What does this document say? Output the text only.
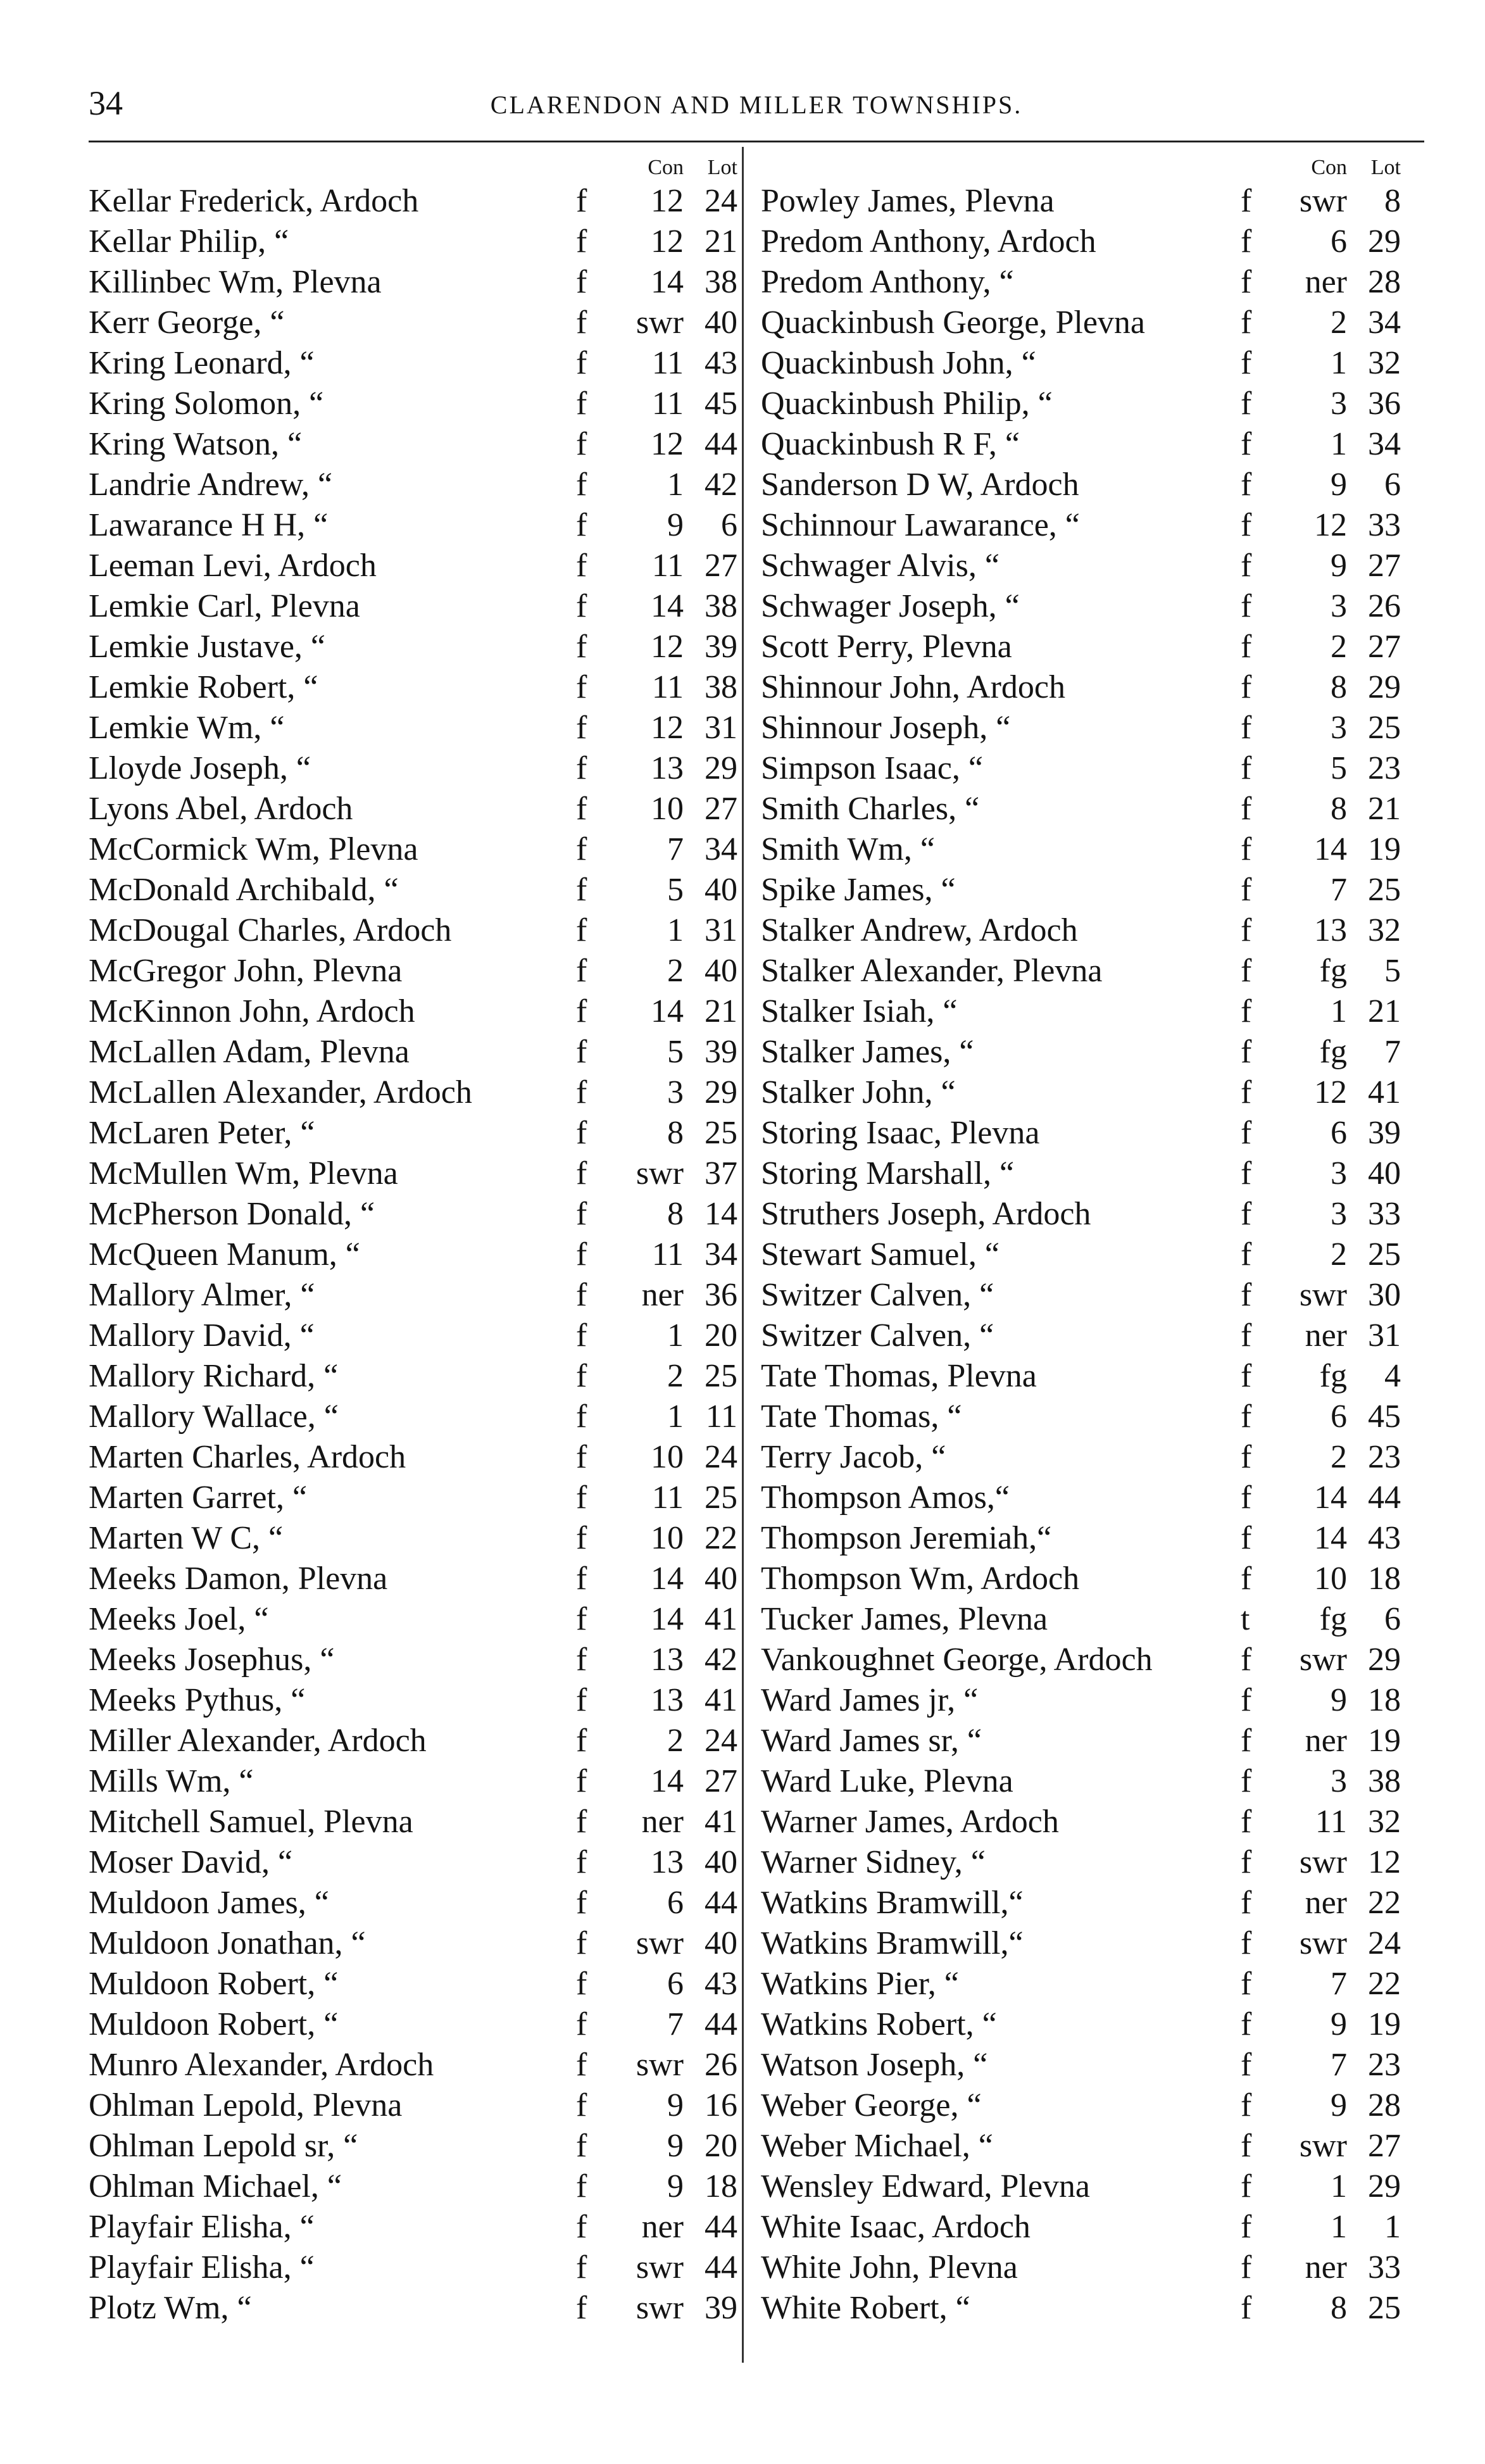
34	CLARENDON AND MILLER TOWNSHIPS.
Con	Lot
Kellar Frederick, Ardoch	f	12 24
Kellar Philip, “	f	12 21
Killinbec Wm, Plevna	f	14 38
Kerr George, “	f	swr 40
Kring Leonard, “	f	11 43
Kring Solomon, “	f	11 45
Kring Watson, “	f	12 44
Landrie Andrew, “	f	1 42
Lawarance H H, “	f	9	6
Leeman Levi, Ardoch	f	11 27
Lemkie Carl, Plevna	f	14 38
Lemkie Justave, “	f	12 39
Lemkie Robert, “	f	11 38
Lemkie Wm, “	f	12 31
Lloyde Joseph, “	f	13 29
Lyons Abel, Ardoch	f	10 27
McCormick Wm, Plevna	f	7 34
McDonald Archibald, “	f	5 40
McDougal Charles, Ardoch	f	1 31
McGregor John, Plevna	f	2 40
McKinnon John, Ardoch	f	14 21
McLallen Adam, Plevna	f	5 39
McLallen Alexander, Ardoch	f	3 29
McLaren Peter, “	f	8 25
McMullen Wm, Plevna	f	swr 37
McPherson Donald, “	f	8 14
McQueen Manum, “	f	11 34
Mallory Almer, “	f	ner 36
Mallory David, “	f	1 20
Mallory Richard, “	f	2 25
Mallory Wallace, “	f	1 11
Marten Charles, Ardoch	f	10 24
Marten Garret, “	f	11 25
Marten W C, “	f	10 22
Meeks Damon, Plevna	f	14 40
Meeks Joel, “	f	14 41
Meeks Josephus, “	f	13 42
Meeks Pythus, “	f	13 41
Miller Alexander, Ardoch	f	2 24
Mills Wm, “	f	14 27
Mitchell Samuel, Plevna	f	ner 41
Moser David, “	f	13 40
Muldoon James, “	f	6 44
Muldoon Jonathan, “	f	swr 40
Muldoon Robert, “	f	6 43
Muldoon Robert, “	f	7 44
Munro Alexander, Ardoch	f	swr 26
Ohlman Lepold, Plevna	f	9 16
Ohlman Lepold sr, “	f	9 20
Ohlman Michael, “	f	9 18
Playfair Elisha, “	f	ner 44
Playfair Elisha, “	f	swr 44
Plotz Wm, “	f	swr 39
Con	Lot
Powley James, Plevna	f	swr	8
Predom Anthony, Ardoch	f	6 29
Predom Anthony, “	f	ner 28
Quackinbush George, Plevna	f	2 34
Quackinbush John, “	f	1 32
Quackinbush Philip, “	f	3 36
Quackinbush R F, “	f	1 34
Sanderson D W, Ardoch	f	9	6
Schinnour Lawarance, “	f	12 33
Schwager Alvis, “	f	9 27
Schwager Joseph, “	f	3 26
Scott Perry, Plevna	f	2 27
Shinnour John, Ardoch	f	8 29
Shinnour Joseph, “	f	3 25
Simpson Isaac, “	f	5 23
Smith Charles, “	f	8 21
Smith Wm, “	f	14 19
Spike James, “	f	7 25
Stalker Andrew, Ardoch	f	13 32
Stalker Alexander, Plevna	f	fg	5
Stalker Isiah, “	f	1 21
Stalker James, “	f	fg	7
Stalker John, “	f	12 41
Storing Isaac, Plevna	f	6 39
Storing Marshall, “	f	3 40
Struthers Joseph, Ardoch	f	3 33
Stewart Samuel, “	f	2 25
Switzer Calven, “	f	swr 30
Switzer Calven, “	f	ner 31
Tate Thomas, Plevna	f	fg	4
Tate Thomas, “	f	6 45
Terry Jacob, “	f	2 23
Thompson Amos,“	f	14 44
Thompson Jeremiah,“	f	14 43
Thompson Wm, Ardoch	f	10 18
Tucker James, Plevna	t	fg	6
Vankoughnet George, Ardoch	f	swr 29
Ward James jr, “	f	9 18
Ward James sr, “	f	ner 19
Ward Luke, Plevna	f	3 38
Warner James, Ardoch	f	11 32
Warner Sidney, “	f	swr 12
Watkins Bramwill,“	f	ner 22
Watkins Bramwill,“	f	swr 24
Watkins Pier, “	f	7 22
Watkins Robert, “	f	9 19
Watson Joseph, “	f	7 23
Weber George, “	f	9 28
Weber Michael, “	f	swr 27
Wensley Edward, Plevna	f	1 29
White Isaac, Ardoch	f	1	1
White John, Plevna	f	ner 33
White Robert, “	f	8 25
